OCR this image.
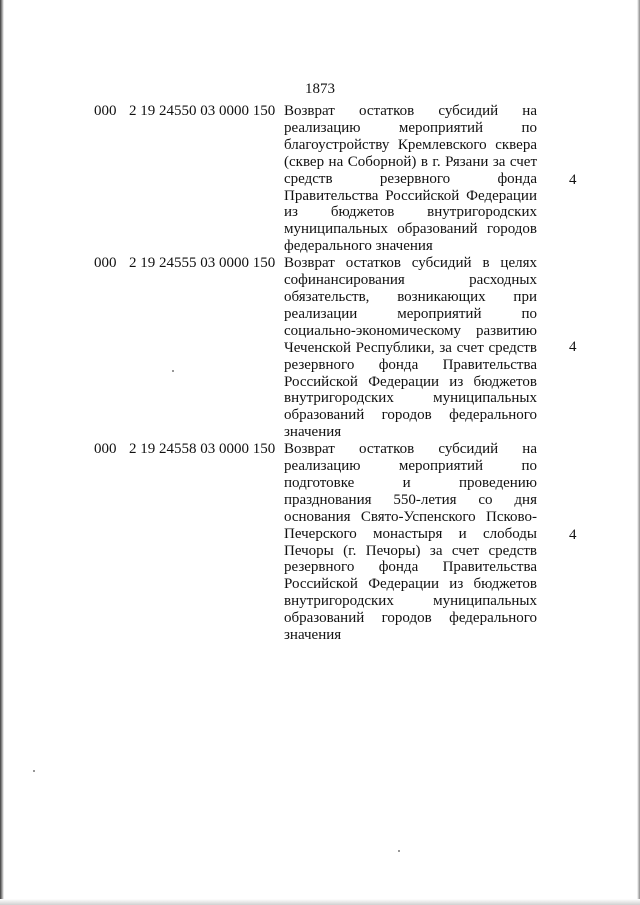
1873
000 2 19 24550 03 0000 150 Возврат остатков субсидий на реализацию мероприятий по благоустройству Кремлевского сквера (сквер на Соборной) в г. Рязани за счет средств резервного фонда Правительства Российской Федерации из бюджетов внутригородских муниципальных образований городов федерального значения
4
000 2 19 24555 03 0000 150 Возврат остатков субсидий в целях софинансирования расходных обязательств, возникающих при реализации мероприятий по социально-экономическому развитию Чеченской Республики, за счет средств резервного фонда Правительства Российской Федерации из бюджетов внутригородских муниципальных образований городов федерального значения
4
000 2 19 24558 03 0000 150 Возврат остатков субсидий на реализацию мероприятий по подготовке и проведению празднования 550-летия со дня основания Свято-Успенского Псково-Печерского монастыря и слободы Печоры (г. Печоры) за счет средств резервного фонда Правительства Российской Федерации из бюджетов внутригородских муниципальных образований городов федерального значения
4
